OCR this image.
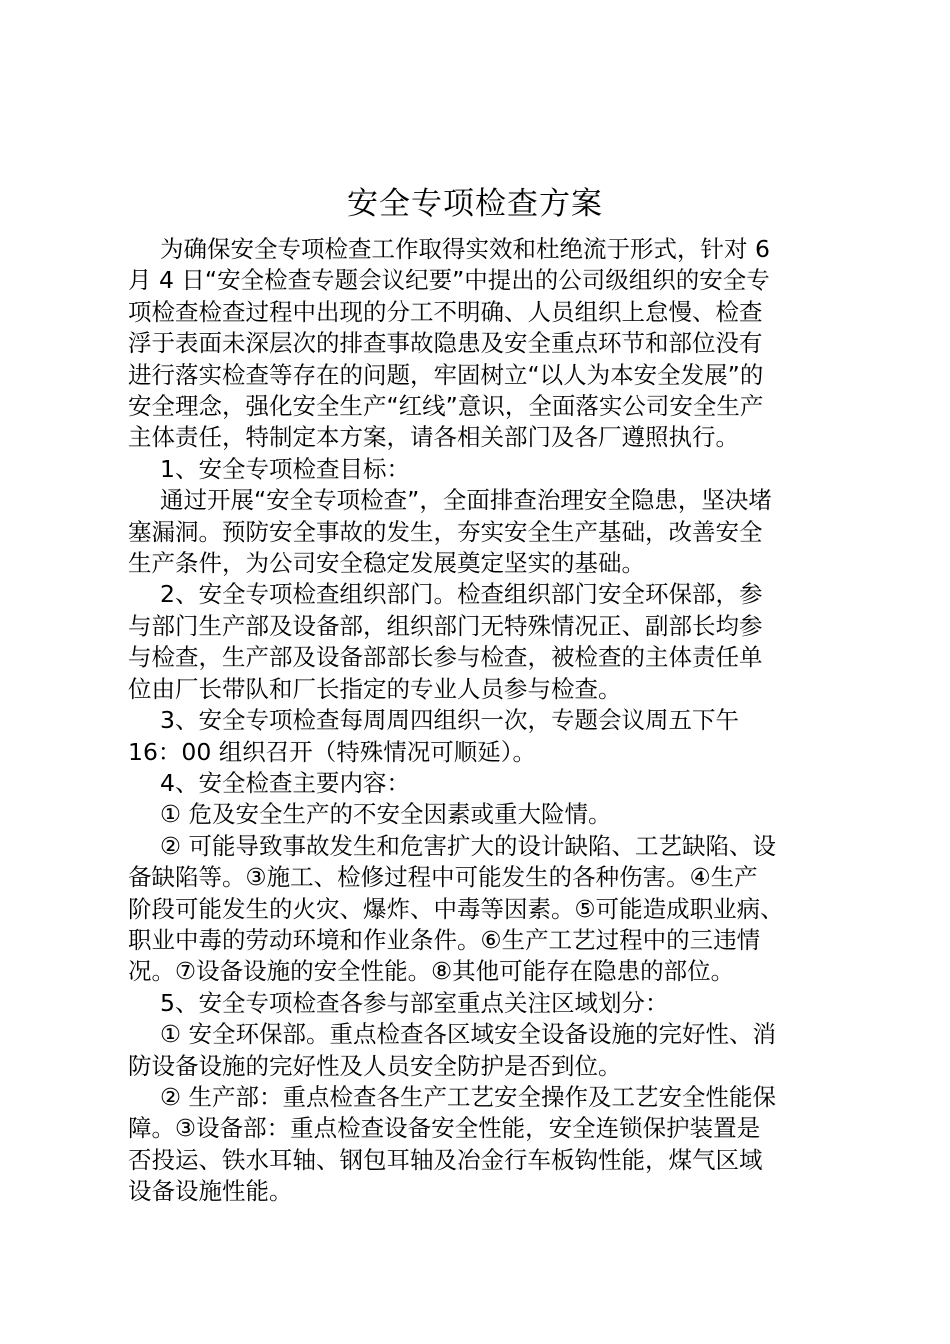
安全专项检查方案
为确保安全专项检查工作取得实效和杜绝流于形式，针对 6
月 4 日“安全检查专题会议纪要”中提出的公司级组织的安全专
项检查检查过程中出现的分工不明确、人员组织上怠慢、检查
浮于表面未深层次的排查事故隐患及安全重点环节和部位没有
进行落实检查等存在的问题，牢固树立“以人为本安全发展”的
安全理念，强化安全生产“红线”意识，全面落实公司安全生产
主体责任，特制定本方案，请各相关部门及各厂遵照执行。
1、安全专项检查目标：
通过开展“安全专项检查”，全面排查治理安全隐患，坚决堵
塞漏洞。预防安全事故的发生，夯实安全生产基础，改善安全
生产条件，为公司安全稳定发展奠定坚实的基础。
2、安全专项检查组织部门。检查组织部门安全环保部，参
与部门生产部及设备部，组织部门无特殊情况正、副部长均参
与检查，生产部及设备部部长参与检查，被检查的主体责任单
位由厂长带队和厂长指定的专业人员参与检查。
3、安全专项检查每周周四组织一次，专题会议周五下午
16：00 组织召开（特殊情况可顺延）。
4、安全检查主要内容：
① 危及安全生产的不安全因素或重大险情。
② 可能导致事故发生和危害扩大的设计缺陷、工艺缺陷、设
备缺陷等。③施工、检修过程中可能发生的各种伤害。④生产
阶段可能发生的火灾、爆炸、中毒等因素。⑤可能造成职业病、
职业中毒的劳动环境和作业条件。⑥生产工艺过程中的三违情
况。⑦设备设施的安全性能。⑧其他可能存在隐患的部位。
5、安全专项检查各参与部室重点关注区域划分：
① 安全环保部。重点检查各区域安全设备设施的完好性、消
防设备设施的完好性及人员安全防护是否到位。
② 生产部：重点检查各生产工艺安全操作及工艺安全性能保
障。③设备部：重点检查设备安全性能，安全连锁保护装置是
否投运、铁水耳轴、钢包耳轴及冶金行车板钩性能，煤气区域
设备设施性能。
